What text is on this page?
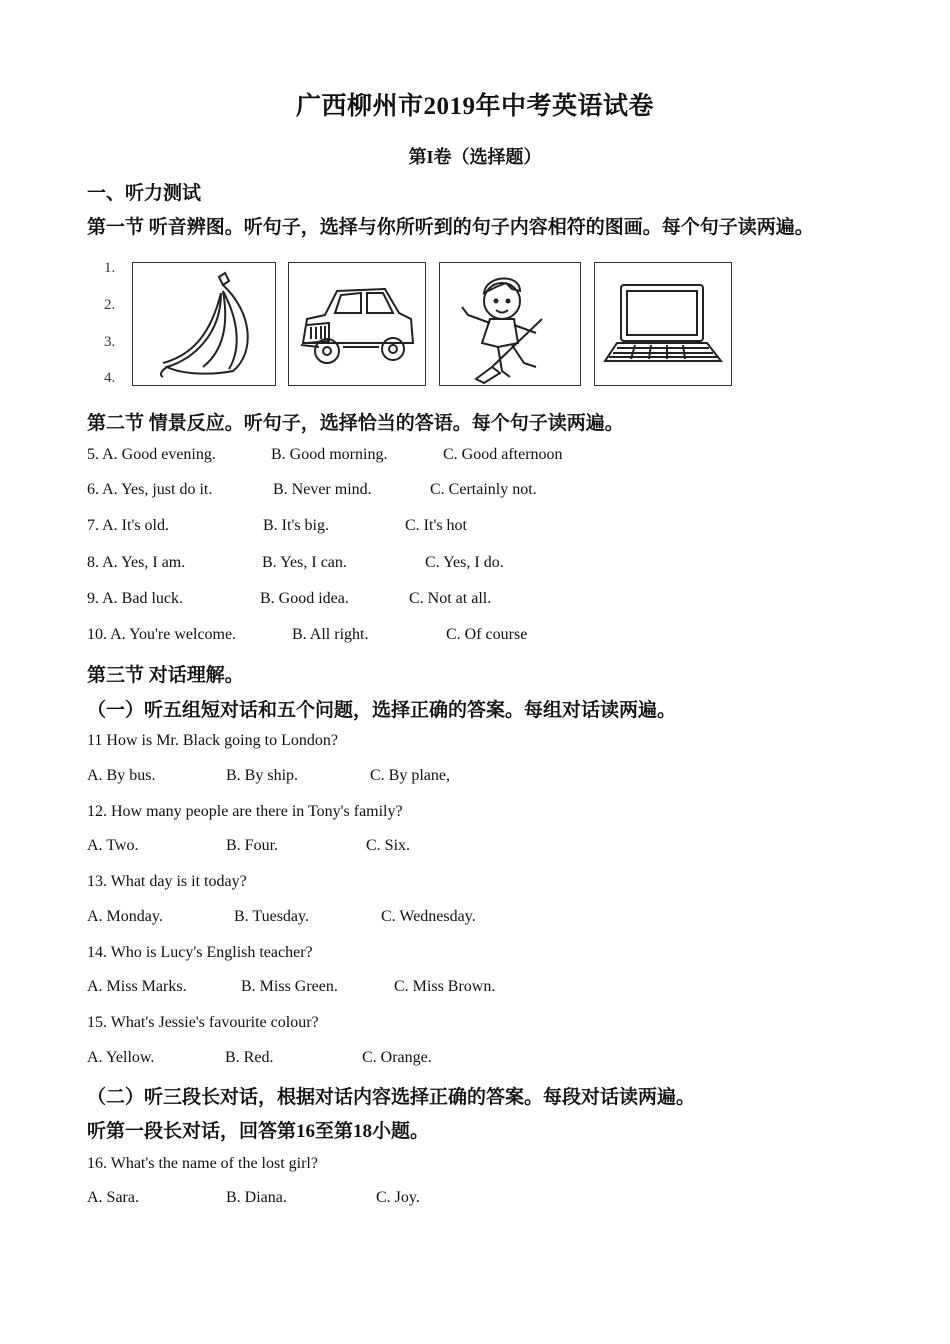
广西柳州市2019年中考英语试卷
第I卷（选择题）
一、听力测试
第一节 听音辨图。听句子，选择与你所听到的句子内容相符的图画。每个句子读两遍。
1.
2.
3.
4.
第二节 情景反应。听句子，选择恰当的答语。每个句子读两遍。
5. A. Good evening.	B. Good morning.	C. Good afternoon
6. A. Yes, just do it.	B. Never mind.	C. Certainly not.
7. A. It's old.	B. It's big.	C. It's hot
8. A. Yes, I am.	B. Yes, I can.	C. Yes, I do.
9. A. Bad luck.	B. Good idea.	C. Not at all.
10. A. You're welcome.	B. All right.	C. Of course
第三节 对话理解。
（一）听五组短对话和五个问题，选择正确的答案。每组对话读两遍。
11 How is Mr. Black going to London?
A. By bus.	B. By ship.	C. By plane,
12. How many people are there in Tony's family?
A. Two.	B. Four.	C. Six.
13. What day is it today?
A. Monday.	B. Tuesday.	C. Wednesday.
14. Who is Lucy's English teacher?
A. Miss Marks.	B. Miss Green.	C. Miss Brown.
15. What's Jessie's favourite colour?
A. Yellow.	B. Red.	C. Orange.
（二）听三段长对话，根据对话内容选择正确的答案。每段对话读两遍。
听第一段长对话，回答第16至第18小题。
16. What's the name of the lost girl?
A. Sara.	B. Diana.	C. Joy.
